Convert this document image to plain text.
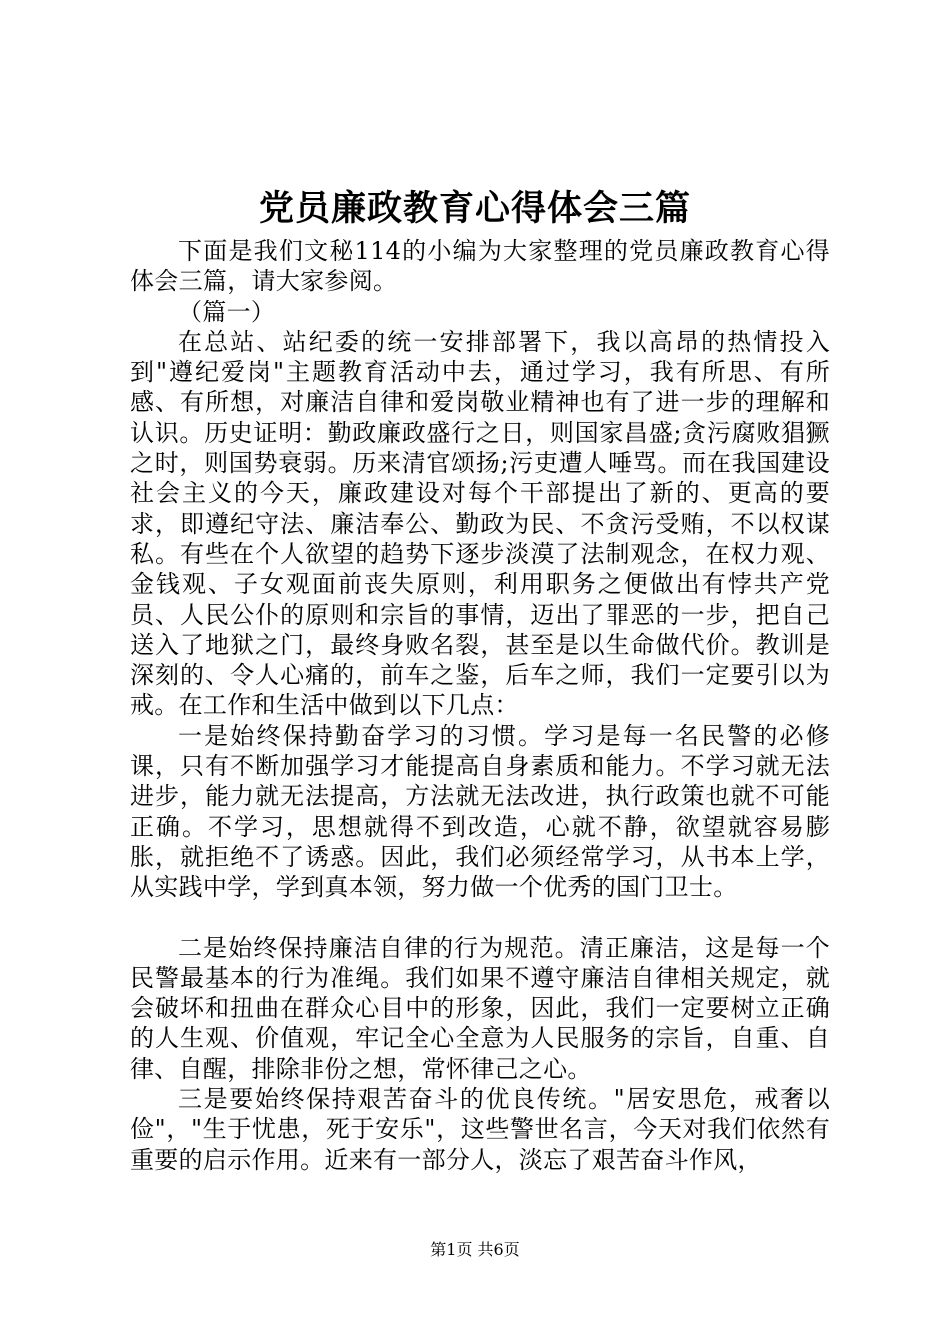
党员廉政教育心得体会三篇

下面是我们文秘114的小编为大家整理的党员廉政教育心得体会三篇，请大家参阅。

（篇一）

在总站、站纪委的统一安排部署下，我以高昂的热情投入到"遵纪爱岗"主题教育活动中去，通过学习，我有所思、有所感、有所想，对廉洁自律和爱岗敬业精神也有了进一步的理解和认识。历史证明：勤政廉政盛行之日，则国家昌盛;贪污腐败猖獗之时，则国势衰弱。历来清官颂扬;污吏遭人唾骂。而在我国建设社会主义的今天，廉政建设对每个干部提出了新的、更高的要求，即遵纪守法、廉洁奉公、勤政为民、不贪污受贿，不以权谋私。有些在个人欲望的趋势下逐步淡漠了法制观念，在权力观、金钱观、子女观面前丧失原则，利用职务之便做出有悖共产党员、人民公仆的原则和宗旨的事情，迈出了罪恶的一步，把自己送入了地狱之门，最终身败名裂，甚至是以生命做代价。教训是深刻的、令人心痛的，前车之鉴，后车之师，我们一定要引以为戒。在工作和生活中做到以下几点：

一是始终保持勤奋学习的习惯。学习是每一名民警的必修课，只有不断加强学习才能提高自身素质和能力。不学习就无法进步，能力就无法提高，方法就无法改进，执行政策也就不可能正确。不学习，思想就得不到改造，心就不静，欲望就容易膨胀，就拒绝不了诱惑。因此，我们必须经常学习，从书本上学，从实践中学，学到真本领，努力做一个优秀的国门卫士。

二是始终保持廉洁自律的行为规范。清正廉洁，这是每一个民警最基本的行为准绳。我们如果不遵守廉洁自律相关规定，就会破坏和扭曲在群众心目中的形象，因此，我们一定要树立正确的人生观、价值观，牢记全心全意为人民服务的宗旨，自重、自律、自醒，排除非份之想，常怀律己之心。

三是要始终保持艰苦奋斗的优良传统。"居安思危，戒奢以俭"，"生于忧患，死于安乐"，这些警世名言，今天对我们依然有重要的启示作用。近来有一部分人，淡忘了艰苦奋斗作风，

第1页 共6页
